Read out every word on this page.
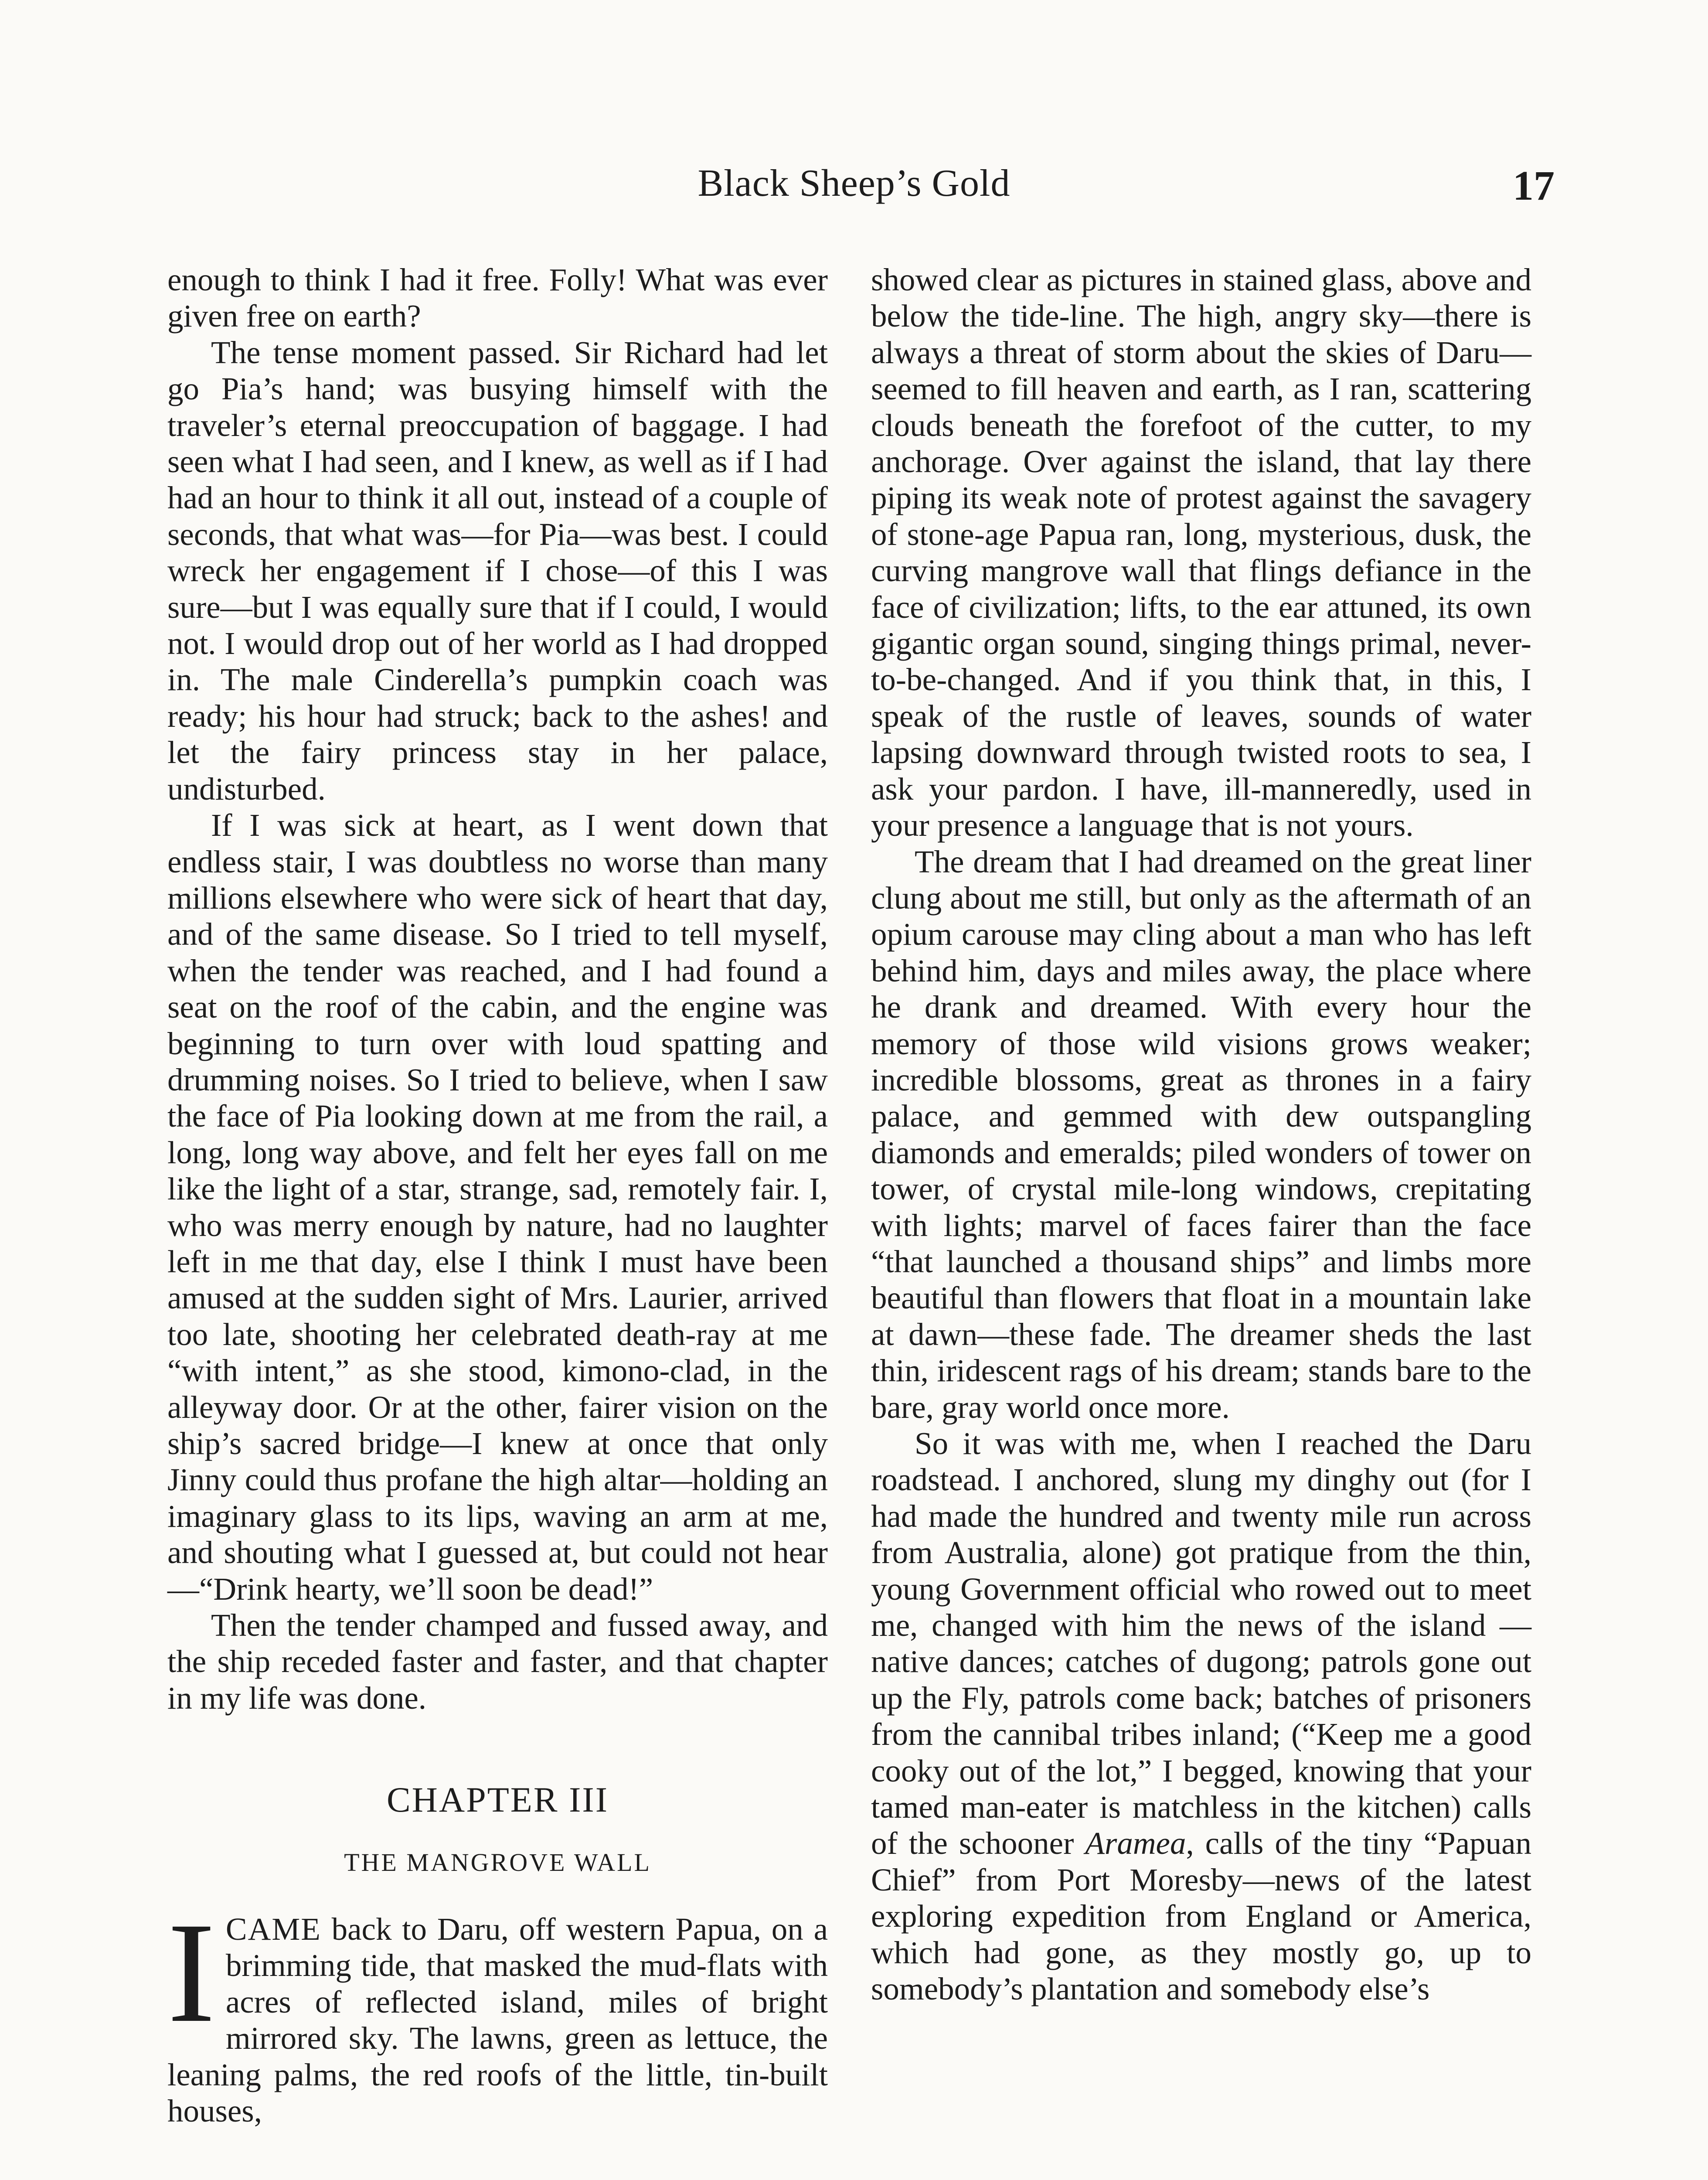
Black Sheep’s Gold	17

enough to think I had it free. Folly! What was ever given free on earth?

The tense moment passed. Sir Richard had let go Pia’s hand; was busying himself with the traveler’s eternal preoccupation of baggage. I had seen what I had seen, and I knew, as well as if I had had an hour to think it all out, instead of a couple of seconds, that what was—for Pia—was best. I could wreck her engagement if I chose—of this I was sure—but I was equally sure that if I could, I would not. I would drop out of her world as I had dropped in. The male Cinderella’s pumpkin coach was ready; his hour had struck; back to the ashes! and let the fairy princess stay in her palace, undisturbed.

If I was sick at heart, as I went down that endless stair, I was doubtless no worse than many millions elsewhere who were sick of heart that day, and of the same disease. So I tried to tell myself, when the tender was reached, and I had found a seat on the roof of the cabin, and the engine was beginning to turn over with loud spatting and drumming noises. So I tried to believe, when I saw the face of Pia looking down at me from the rail, a long, long way above, and felt her eyes fall on me like the light of a star, strange, sad, remotely fair. I, who was merry enough by nature, had no laughter left in me that day, else I think I must have been amused at the sudden sight of Mrs. Laurier, arrived too late, shooting her celebrated death-ray at me “with intent,” as she stood, kimono-clad, in the alleyway door. Or at the other, fairer vision on the ship’s sacred bridge—I knew at once that only Jinny could thus profane the high altar—holding an imaginary glass to its lips, waving an arm at me, and shouting what I guessed at, but could not hear—“Drink hearty, we’ll soon be dead!”

Then the tender champed and fussed away, and the ship receded faster and faster, and that chapter in my life was done.

CHAPTER III
THE MANGROVE WALL

ICAME back to Daru, off western Papua, on a brimming tide, that masked the mud-flats with acres of reflected island, miles of bright mirrored sky. The lawns, green as lettuce, the leaning palms, the red roofs of the little, tin-built houses,

showed clear as pictures in stained glass, above and below the tide-line. The high, angry sky—there is always a threat of storm about the skies of Daru—seemed to fill heaven and earth, as I ran, scattering clouds beneath the forefoot of the cutter, to my anchorage. Over against the island, that lay there piping its weak note of protest against the savagery of stone-age Papua ran, long, mysterious, dusk, the curving mangrove wall that flings defiance in the face of civilization; lifts, to the ear attuned, its own gigantic organ sound, singing things primal, never-to-be-changed. And if you think that, in this, I speak of the rustle of leaves, sounds of water lapsing downward through twisted roots to sea, I ask your pardon. I have, ill-manneredly, used in your presence a language that is not yours.

The dream that I had dreamed on the great liner clung about me still, but only as the aftermath of an opium carouse may cling about a man who has left behind him, days and miles away, the place where he drank and dreamed. With every hour the memory of those wild visions grows weaker; incredible blossoms, great as thrones in a fairy palace, and gemmed with dew outspangling diamonds and emeralds; piled wonders of tower on tower, of crystal mile-long windows, crepitating with lights; marvel of faces fairer than the face “that launched a thousand ships” and limbs more beautiful than flowers that float in a mountain lake at dawn—these fade. The dreamer sheds the last thin, iridescent rags of his dream; stands bare to the bare, gray world once more.

So it was with me, when I reached the Daru roadstead. I anchored, slung my dinghy out (for I had made the hundred and twenty mile run across from Australia, alone) got pratique from the thin, young Government official who rowed out to meet me, changed with him the news of the island —native dances; catches of dugong; patrols gone out up the Fly, patrols come back; batches of prisoners from the cannibal tribes inland; (“Keep me a good cooky out of the lot,” I begged, knowing that your tamed man-eater is matchless in the kitchen) calls of the schooner Aramea, calls of the tiny “Papuan Chief” from Port Moresby—news of the latest exploring expedition from England or America, which had gone, as they mostly go, up to somebody’s plantation and somebody else’s
